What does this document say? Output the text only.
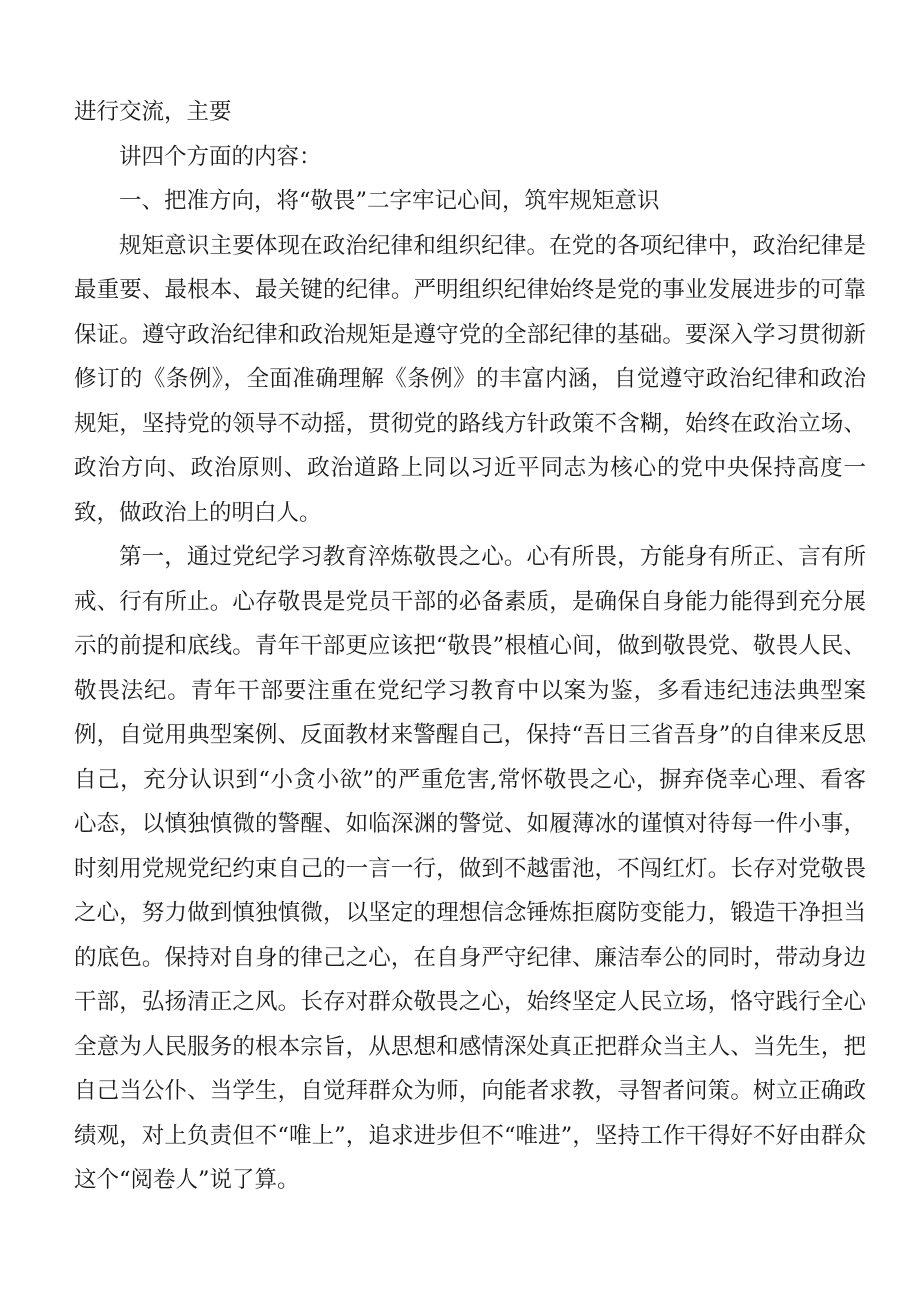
进行交流，主要

讲四个方面的内容：

一、把准方向，将“敬畏”二字牢记心间，筑牢规矩意识

规矩意识主要体现在政治纪律和组织纪律。在党的各项纪律中，政治纪律是最重要、最根本、最关键的纪律。严明组织纪律始终是党的事业发展进步的可靠保证。遵守政治纪律和政治规矩是遵守党的全部纪律的基础。要深入学习贯彻新修订的《条例》，全面准确理解《条例》的丰富内涵，自觉遵守政治纪律和政治规矩，坚持党的领导不动摇，贯彻党的路线方针政策不含糊，始终在政治立场、政治方向、政治原则、政治道路上同以习近平同志为核心的党中央保持高度一致，做政治上的明白人。

第一，通过党纪学习教育淬炼敬畏之心。心有所畏，方能身有所正、言有所戒、行有所止。心存敬畏是党员干部的必备素质，是确保自身能力能得到充分展示的前提和底线。青年干部更应该把“敬畏”根植心间，做到敬畏党、敬畏人民、敬畏法纪。青年干部要注重在党纪学习教育中以案为鉴，多看违纪违法典型案例，自觉用典型案例、反面教材来警醒自己，保持“吾日三省吾身”的自律来反思自己，充分认识到“小贪小欲”的严重危害,常怀敬畏之心，摒弃侥幸心理、看客心态，以慎独慎微的警醒、如临深渊的警觉、如履薄冰的谨慎对待每一件小事，时刻用党规党纪约束自己的一言一行，做到不越雷池，不闯红灯。长存对党敬畏之心，努力做到慎独慎微，以坚定的理想信念锤炼拒腐防变能力，锻造干净担当的底色。保持对自身的律己之心，在自身严守纪律、廉洁奉公的同时，带动身边干部，弘扬清正之风。长存对群众敬畏之心，始终坚定人民立场，恪守践行全心全意为人民服务的根本宗旨，从思想和感情深处真正把群众当主人、当先生，把自己当公仆、当学生，自觉拜群众为师，向能者求教，寻智者问策。树立正确政绩观，对上负责但不“唯上”，追求进步但不“唯进”，坚持工作干得好不好由群众这个“阅卷人”说了算。
